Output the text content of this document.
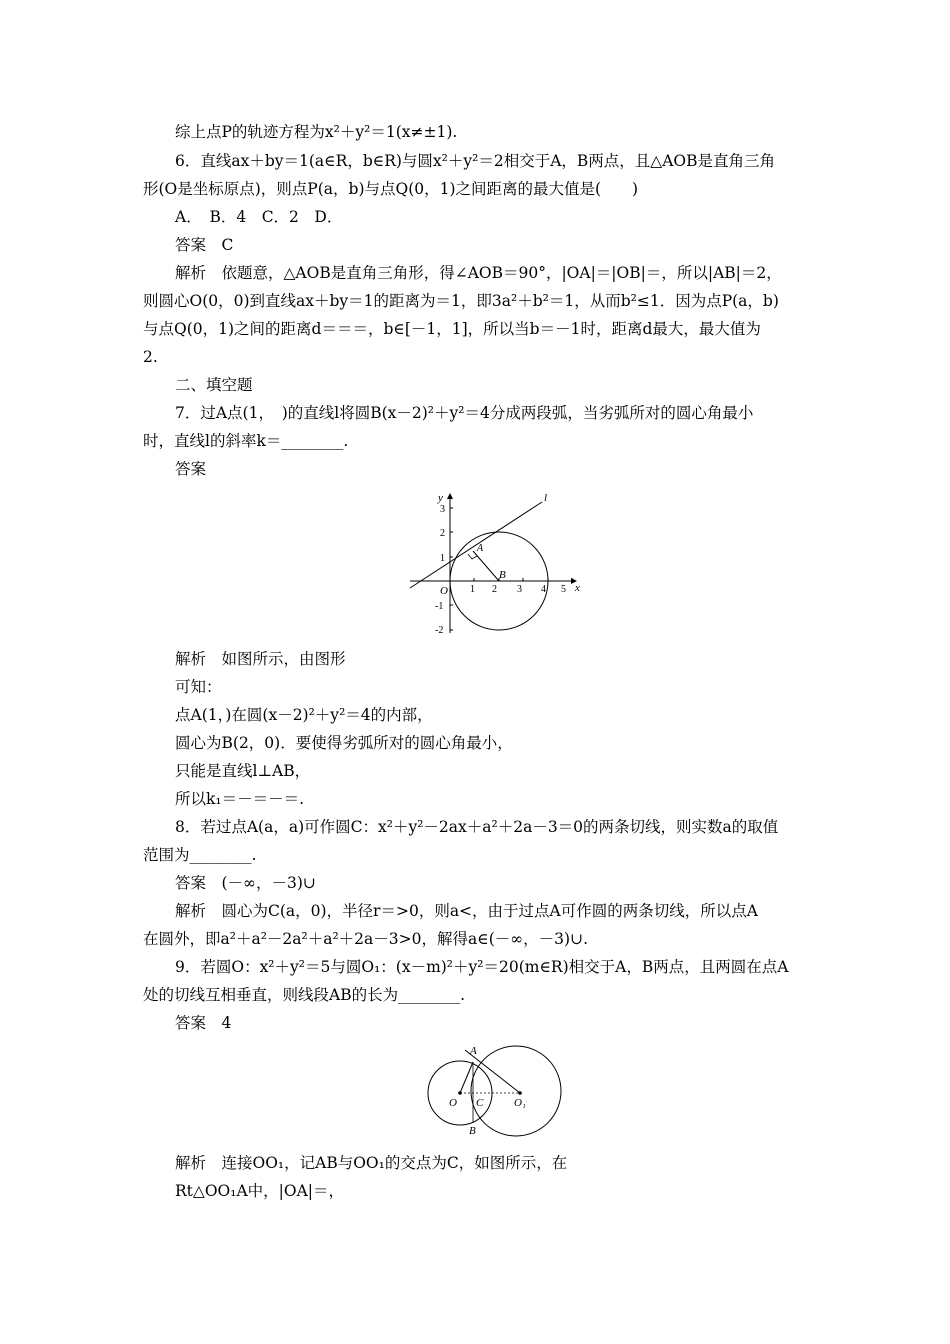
综上点P的轨迹方程为x²＋y²＝1(x≠±1).
6．直线ax＋by＝1(a∈R，b∈R)与圆x²＋y²＝2相交于A，B两点，且△AOB是直角三角
形(O是坐标原点)，则点P(a，b)与点Q(0，1)之间距离的最大值是(　　)
A．　B．4　C．2　D．
答案　C
解析　依题意，△AOB是直角三角形，得∠AOB＝90°，|OA|＝|OB|＝，所以|AB|＝2，
则圆心O(0，0)到直线ax＋by＝1的距离为＝1，即3a²＋b²＝1，从而b²≤1．因为点P(a，b)
与点Q(0，1)之间的距离d＝＝＝，b∈[－1，1]，所以当b＝－1时，距离d最大，最大值为
2.
二、填空题
7．过A点(1，　)的直线l将圆B(x－2)²＋y²＝4分成两段弧，当劣弧所对的圆心角最小
时，直线l的斜率k＝________.
答案
y
x
l
O
A
B
1 2 3 4 5
3
2
1
-1
-2
解析　如图所示，由图形
可知：
点A(1，)在圆(x－2)²＋y²＝4的内部，
圆心为B(2，0)．要使得劣弧所对的圆心角最小，
只能是直线l⊥AB，
所以k₁＝－＝－＝.
8．若过点A(a，a)可作圆C：x²＋y²－2ax＋a²＋2a－3＝0的两条切线，则实数a的取值
范围为________.
答案　(－∞，－3)∪
解析　圆心为C(a，0)，半径r＝>0，则a<，由于过点A可作圆的两条切线，所以点A
在圆外，即a²＋a²－2a²＋a²＋2a－3>0，解得a∈(－∞，－3)∪.
9．若圆O：x²＋y²＝5与圆O₁：(x－m)²＋y²＝20(m∈R)相交于A，B两点，且两圆在点A
处的切线互相垂直，则线段AB的长为________.
答案　4
A
B
C
O	O₁
解析　连接OO₁，记AB与OO₁的交点为C，如图所示，在
Rt△OO₁A中，|OA|＝，
